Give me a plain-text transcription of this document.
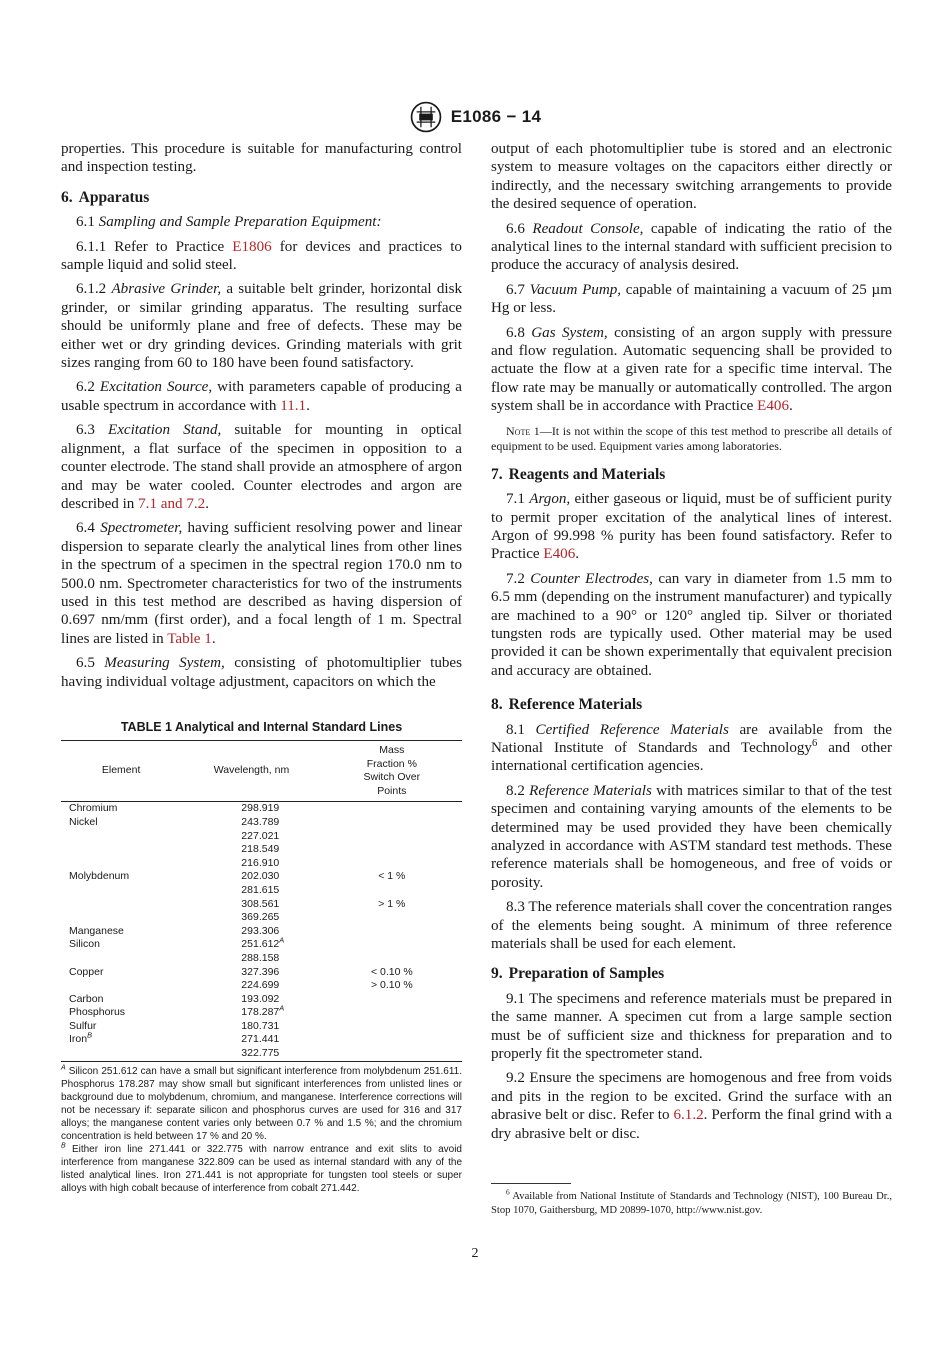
E1086 − 14

properties. This procedure is suitable for manufacturing control and inspection testing.

6. Apparatus

6.1 Sampling and Sample Preparation Equipment:

6.1.1 Refer to Practice E1806 for devices and practices to sample liquid and solid steel.

6.1.2 Abrasive Grinder, a suitable belt grinder, horizontal disk grinder, or similar grinding apparatus. The resulting surface should be uniformly plane and free of defects. These may be either wet or dry grinding devices. Grinding materials with grit sizes ranging from 60 to 180 have been found satisfactory.

6.2 Excitation Source, with parameters capable of producing a usable spectrum in accordance with 11.1.

6.3 Excitation Stand, suitable for mounting in optical alignment, a flat surface of the specimen in opposition to a counter electrode. The stand shall provide an atmosphere of argon and may be water cooled. Counter electrodes and argon are described in 7.1 and 7.2.

6.4 Spectrometer, having sufficient resolving power and linear dispersion to separate clearly the analytical lines from other lines in the spectrum of a specimen in the spectral region 170.0 nm to 500.0 nm. Spectrometer characteristics for two of the instruments used in this test method are described as having dispersion of 0.697 nm/mm (first order), and a focal length of 1 m. Spectral lines are listed in Table 1.

6.5 Measuring System, consisting of photomultiplier tubes having individual voltage adjustment, capacitors on which the

TABLE 1 Analytical and Internal Standard Lines
Element	Wavelength, nm	Mass Fraction % Switch Over Points
Chromium	298.919	
Nickel	243.789	
	227.021	
	218.549	
	216.910	
Molybdenum	202.030	< 1 %
	281.615	
	308.561	> 1 %
	369.265	
Manganese	293.306	
Silicon	$251.612^A$	
	288.158	
Copper	327.396	< 0.10 %
	224.699	> 0.10 %
Carbon	193.092	
Phosphorus	$178.287^A$	
Sulfur	180.731	
Iron$^B$	271.441	
	322.775	

$^A$ Silicon 251.612 can have a small but significant interference from molybdenum 251.611. Phosphorus 178.287 may show small but significant interferences from unlisted lines or background due to molybdenum, chromium, and manganese. Interference corrections will not be necessary if: separate silicon and phosphorus curves are used for 316 and 317 alloys; the manganese content varies only between 0.7 % and 1.5 %; and the chromium concentration is held between 17 % and 20 %.

$^B$ Either iron line 271.441 or 322.775 with narrow entrance and exit slits to avoid interference from manganese 322.809 can be used as internal standard with any of the listed analytical lines. Iron 271.441 is not appropriate for tungsten tool steels or super alloys with high cobalt because of interference from cobalt 271.442.

output of each photomultiplier tube is stored and an electronic system to measure voltages on the capacitors either directly or indirectly, and the necessary switching arrangements to provide the desired sequence of operation.

6.6 Readout Console, capable of indicating the ratio of the analytical lines to the internal standard with sufficient precision to produce the accuracy of analysis desired.

6.7 Vacuum Pump, capable of maintaining a vacuum of 25 µm Hg or less.

6.8 Gas System, consisting of an argon supply with pressure and flow regulation. Automatic sequencing shall be provided to actuate the flow at a given rate for a specific time interval. The flow rate may be manually or automatically controlled. The argon system shall be in accordance with Practice E406.

Note 1—It is not within the scope of this test method to prescribe all details of equipment to be used. Equipment varies among laboratories.
7. Reagents and Materials

7.1 Argon, either gaseous or liquid, must be of sufficient purity to permit proper excitation of the analytical lines of interest. Argon of 99.998 % purity has been found satisfactory. Refer to Practice E406.

7.2 Counter Electrodes, can vary in diameter from 1.5 mm to 6.5 mm (depending on the instrument manufacturer) and typically are machined to a 90° or 120° angled tip. Silver or thoriated tungsten rods are typically used. Other material may be used provided it can be shown experimentally that equivalent precision and accuracy are obtained.

8. Reference Materials

8.1 Certified Reference Materials are available from the National Institute of Standards and Technology$^6$ and other international certification agencies.

8.2 Reference Materials with matrices similar to that of the test specimen and containing varying amounts of the elements to be determined may be used provided they have been chemically analyzed in accordance with ASTM standard test methods. These reference materials shall be homogeneous, and free of voids or porosity.

8.3 The reference materials shall cover the concentration ranges of the elements being sought. A minimum of three reference materials shall be used for each element.

9. Preparation of Samples

9.1 The specimens and reference materials must be prepared in the same manner. A specimen cut from a large sample section must be of sufficient size and thickness for preparation and to properly fit the spectrometer stand.

9.2 Ensure the specimens are homogenous and free from voids and pits in the region to be excited. Grind the surface with an abrasive belt or disc. Refer to 6.1.2. Perform the final grind with a dry abrasive belt or disc.

$^6$ Available from National Institute of Standards and Technology (NIST), 100 Bureau Dr., Stop 1070, Gaithersburg, MD 20899-1070, http://www.nist.gov.

2
